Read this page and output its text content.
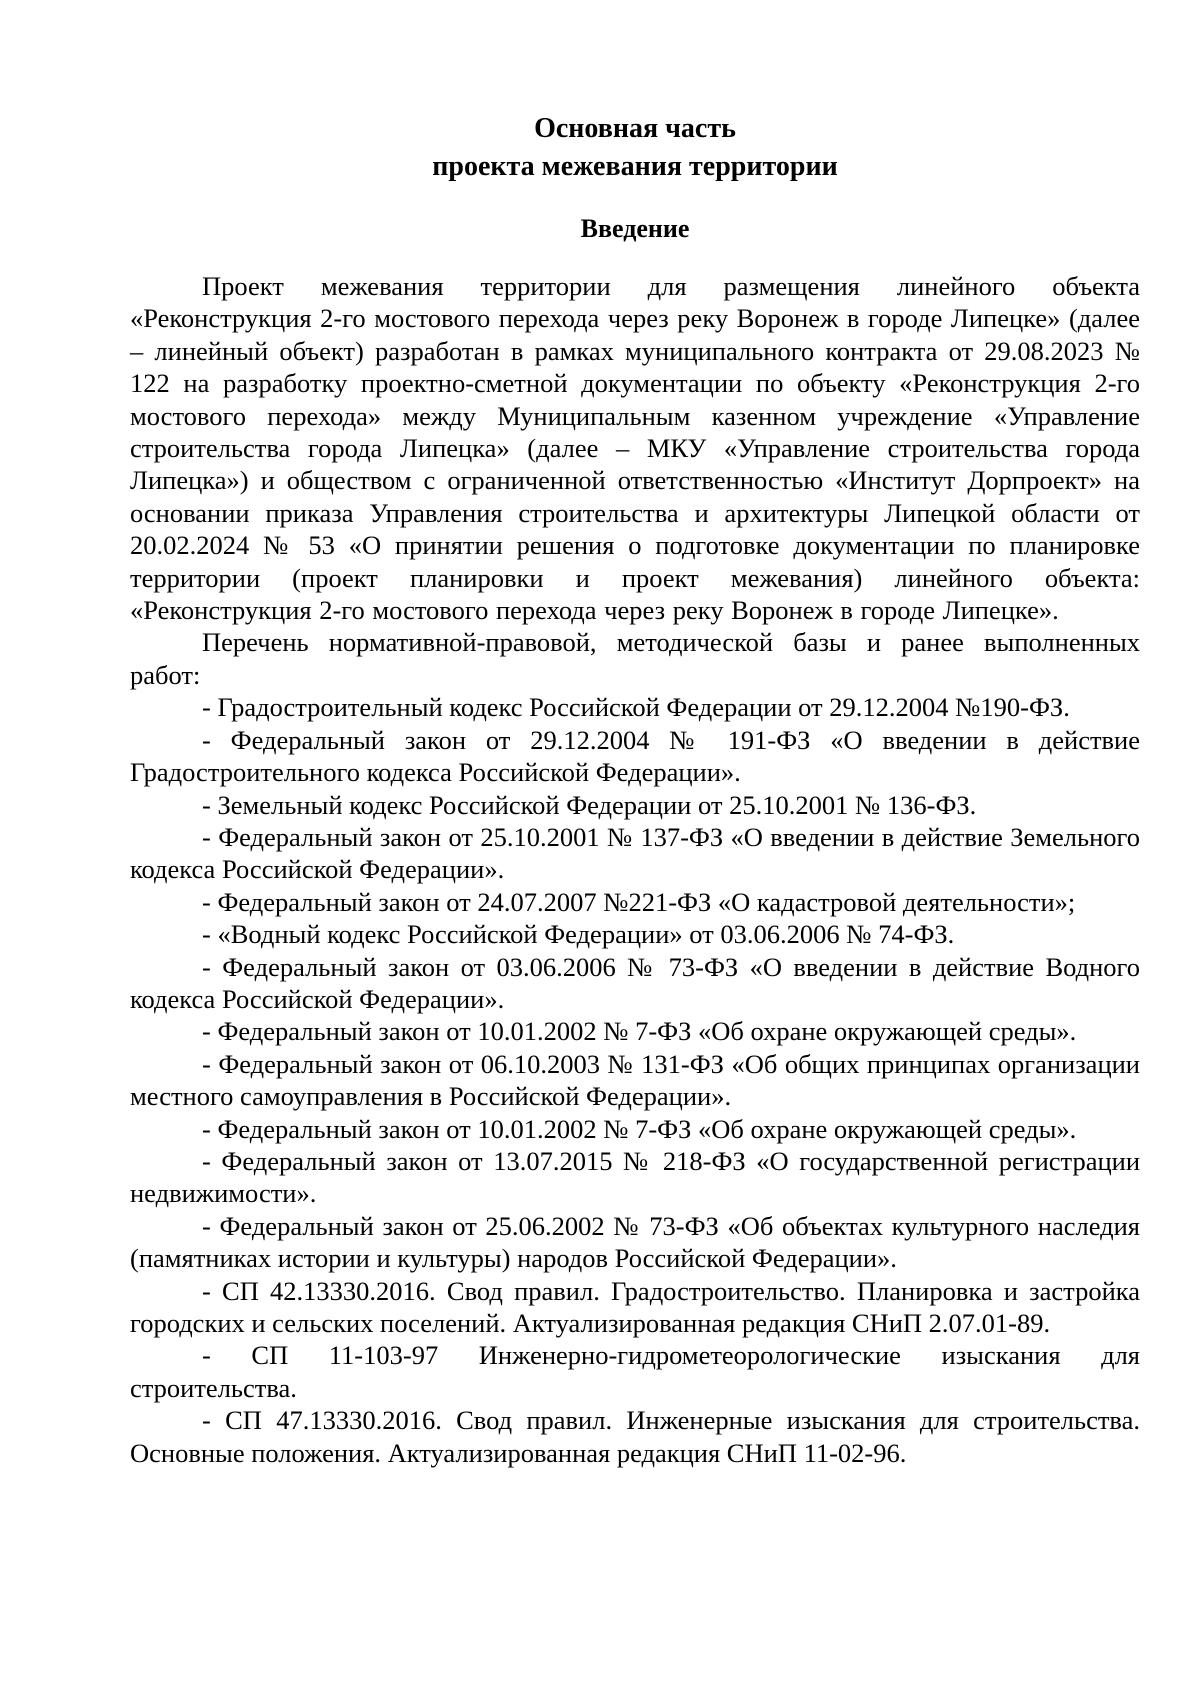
Основная часть
проекта межевания территории
Введение

Проект межевания территории для размещения линейного объекта «Реконструкция 2-го мостового перехода через реку Воронеж в городе Липецке» (далее – линейный объект) разработан в рамках муниципального контракта от 29.08.2023 № 122 на разработку проектно-сметной документации по объекту «Реконструкция 2-го мостового перехода» между Муниципальным казенном учреждение «Управление строительства города Липецка» (далее – МКУ «Управление строительства города Липецка») и обществом с ограниченной ответственностью «Институт Дорпроект» на основании приказа Управления строительства и архитектуры Липецкой области от 20.02.2024 № 53 «О принятии решения о подготовке документации по планировке территории (проект планировки и проект межевания) линейного объекта: «Реконструкция 2-го мостового перехода через реку Воронеж в городе Липецке».

Перечень нормативной-правовой, методической базы и ранее выполненных работ:

- Градостроительный кодекс Российской Федерации от 29.12.2004 №190-ФЗ.
- Федеральный закон от 29.12.2004 № 191-ФЗ «О введении в действие Градостроительного кодекса Российской Федерации».
- Земельный кодекс Российской Федерации от 25.10.2001 № 136-ФЗ.
- Федеральный закон от 25.10.2001 № 137-ФЗ «О введении в действие Земельного кодекса Российской Федерации».
- Федеральный закон от 24.07.2007 №221-ФЗ «О кадастровой деятельности»;
- «Водный кодекс Российской Федерации» от 03.06.2006 № 74-ФЗ.
- Федеральный закон от 03.06.2006 № 73-ФЗ «О введении в действие Водного кодекса Российской Федерации».
- Федеральный закон от 10.01.2002 № 7-ФЗ «Об охране окружающей среды».
- Федеральный закон от 06.10.2003 № 131-ФЗ «Об общих принципах организации местного самоуправления в Российской Федерации».
- Федеральный закон от 10.01.2002 № 7-ФЗ «Об охране окружающей среды».
- Федеральный закон от 13.07.2015 № 218-ФЗ «О государственной регистрации недвижимости».
- Федеральный закон от 25.06.2002 № 73-ФЗ «Об объектах культурного наследия (памятниках истории и культуры) народов Российской Федерации».
- СП 42.13330.2016. Свод правил. Градостроительство. Планировка и застройка городских и сельских поселений. Актуализированная редакция СНиП 2.07.01-89.
- СП 11-103-97 Инженерно-гидрометеорологические изыскания для строительства.
- СП 47.13330.2016. Свод правил. Инженерные изыскания для строительства. Основные положения. Актуализированная редакция СНиП 11-02-96.
